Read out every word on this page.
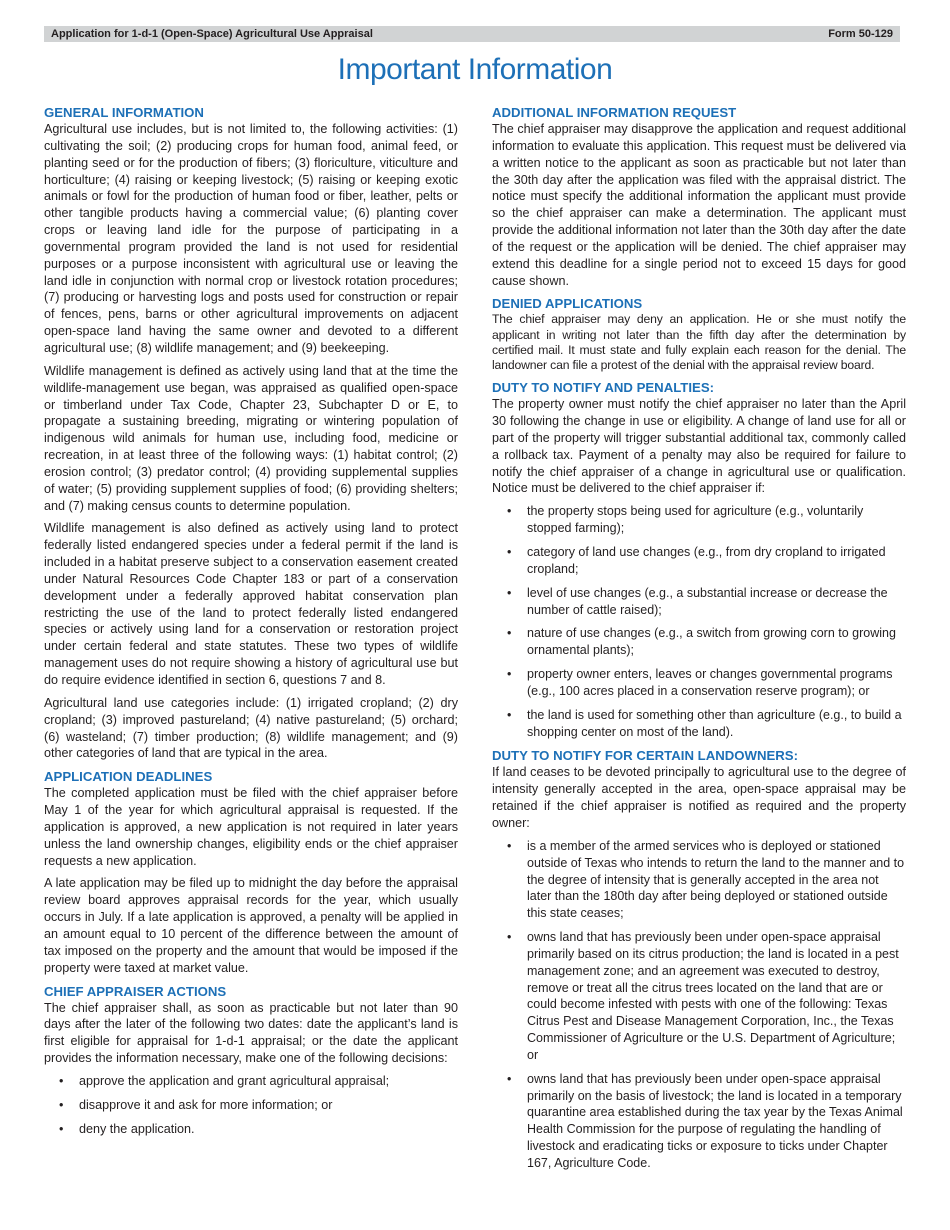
Application for 1-d-1 (Open-Space) Agricultural Use Appraisal	Form 50-129
Important Information
GENERAL INFORMATION

Agricultural use includes, but is not limited to, the following activities: (1) cultivating the soil; (2) producing crops for human food, animal feed, or planting seed or for the production of fibers; (3) floriculture, viticulture and horticulture; (4) raising or keeping livestock; (5) raising or keeping exotic animals or fowl for the production of human food or fiber, leather, pelts or other tangible products having a commercial value; (6) planting cover crops or leaving land idle for the purpose of participating in a governmental program provided the land is not used for residential purposes or a purpose inconsistent with agricultural use or leaving the land idle in conjunction with normal crop or livestock rotation procedures; (7) producing or harvesting logs and posts used for construction or repair of fences, pens, barns or other agricultural improvements on adjacent open-space land having the same owner and devoted to a different agricultural use; (8) wildlife management; and (9) beekeeping.

Wildlife management is defined as actively using land that at the time the wildlife-management use began, was appraised as qualified open-space or timberland under Tax Code, Chapter 23, Subchapter D or E, to propagate a sustaining breeding, migrating or wintering population of indigenous wild animals for human use, including food, medicine or recreation, in at least three of the following ways: (1) habitat control; (2) erosion control; (3) predator control; (4) providing supplemental supplies of water; (5) providing supplement supplies of food; (6) providing shelters; and (7) making census counts to determine population.

Wildlife management is also defined as actively using land to protect federally listed endangered species under a federal permit if the land is included in a habitat preserve subject to a conservation easement created under Natural Resources Code Chapter 183 or part of a conservation development under a federally approved habitat conservation plan restricting the use of the land to protect federally listed endangered species or actively using land for a conservation or restoration project under certain federal and state statutes. These two types of wildlife management uses do not require showing a history of agricultural use but do require evidence identified in section 6, questions 7 and 8.

Agricultural land use categories include: (1) irrigated cropland; (2) dry cropland; (3) improved pastureland; (4) native pastureland; (5) orchard; (6) wasteland; (7) timber production; (8) wildlife management; and (9) other categories of land that are typical in the area.

APPLICATION DEADLINES

The completed application must be filed with the chief appraiser before May 1 of the year for which agricultural appraisal is requested. If the application is approved, a new application is not required in later years unless the land ownership changes, eligibility ends or the chief appraiser requests a new application.

A late application may be filed up to midnight the day before the appraisal review board approves appraisal records for the year, which usually occurs in July. If a late application is approved, a penalty will be applied in an amount equal to 10 percent of the difference between the amount of tax imposed on the property and the amount that would be imposed if the property were taxed at market value.

CHIEF APPRAISER ACTIONS

The chief appraiser shall, as soon as practicable but not later than 90 days after the later of the following two dates: date the applicant’s land is first eligible for appraisal for 1-d-1 appraisal; or the date the applicant provides the information necessary, make one of the following decisions:

• approve the application and grant agricultural appraisal;
• disapprove it and ask for more information; or
• deny the application.
ADDITIONAL INFORMATION REQUEST

The chief appraiser may disapprove the application and request additional information to evaluate this application. This request must be delivered via a written notice to the applicant as soon as practicable but not later than the 30th day after the application was filed with the appraisal district. The notice must specify the additional information the applicant must provide so the chief appraiser can make a determination. The applicant must provide the additional information not later than the 30th day after the date of the request or the application will be denied. The chief appraiser may extend this deadline for a single period not to exceed 15 days for good cause shown.

DENIED APPLICATIONS

The chief appraiser may deny an application. He or she must notify the applicant in writing not later than the fifth day after the determination by certified mail. It must state and fully explain each reason for the denial. The landowner can file a protest of the denial with the appraisal review board.

DUTY TO NOTIFY AND PENALTIES:

The property owner must notify the chief appraiser no later than the April 30 following the change in use or eligibility. A change of land use for all or part of the property will trigger substantial additional tax, commonly called a rollback tax. Payment of a penalty may also be required for failure to notify the chief appraiser of a change in agricultural use or qualification. Notice must be delivered to the chief appraiser if:

• the property stops being used for agriculture (e.g., voluntarily stopped farming);
• category of land use changes (e.g., from dry cropland to irrigated cropland;
• level of use changes (e.g., a substantial increase or decrease the number of cattle raised);
• nature of use changes (e.g., a switch from growing corn to growing ornamental plants);
• property owner enters, leaves or changes governmental programs (e.g., 100 acres placed in a conservation reserve program); or
• the land is used for something other than agriculture (e.g., to build a shopping center on most of the land).
DUTY TO NOTIFY FOR CERTAIN LANDOWNERS:

If land ceases to be devoted principally to agricultural use to the degree of intensity generally accepted in the area, open-space appraisal may be retained if the chief appraiser is notified as required and the property owner:

• is a member of the armed services who is deployed or stationed outside of Texas who intends to return the land to the manner and to the degree of intensity that is generally accepted in the area not later than the 180th day after being deployed or stationed outside this state ceases;
• owns land that has previously been under open-space appraisal primarily based on its citrus production; the land is located in a pest management zone; and an agreement was executed to destroy, remove or treat all the citrus trees located on the land that are or could become infested with pests with one of the following: Texas Citrus Pest and Disease Management Corporation, Inc., the Texas Commissioner of Agriculture or the U.S. Department of Agriculture; or
• owns land that has previously been under open-space appraisal primarily on the basis of livestock; the land is located in a temporary quarantine area established during the tax year by the Texas Animal Health Commission for the purpose of regulating the handling of livestock and eradicating ticks or exposure to ticks under Chapter 167, Agriculture Code.
